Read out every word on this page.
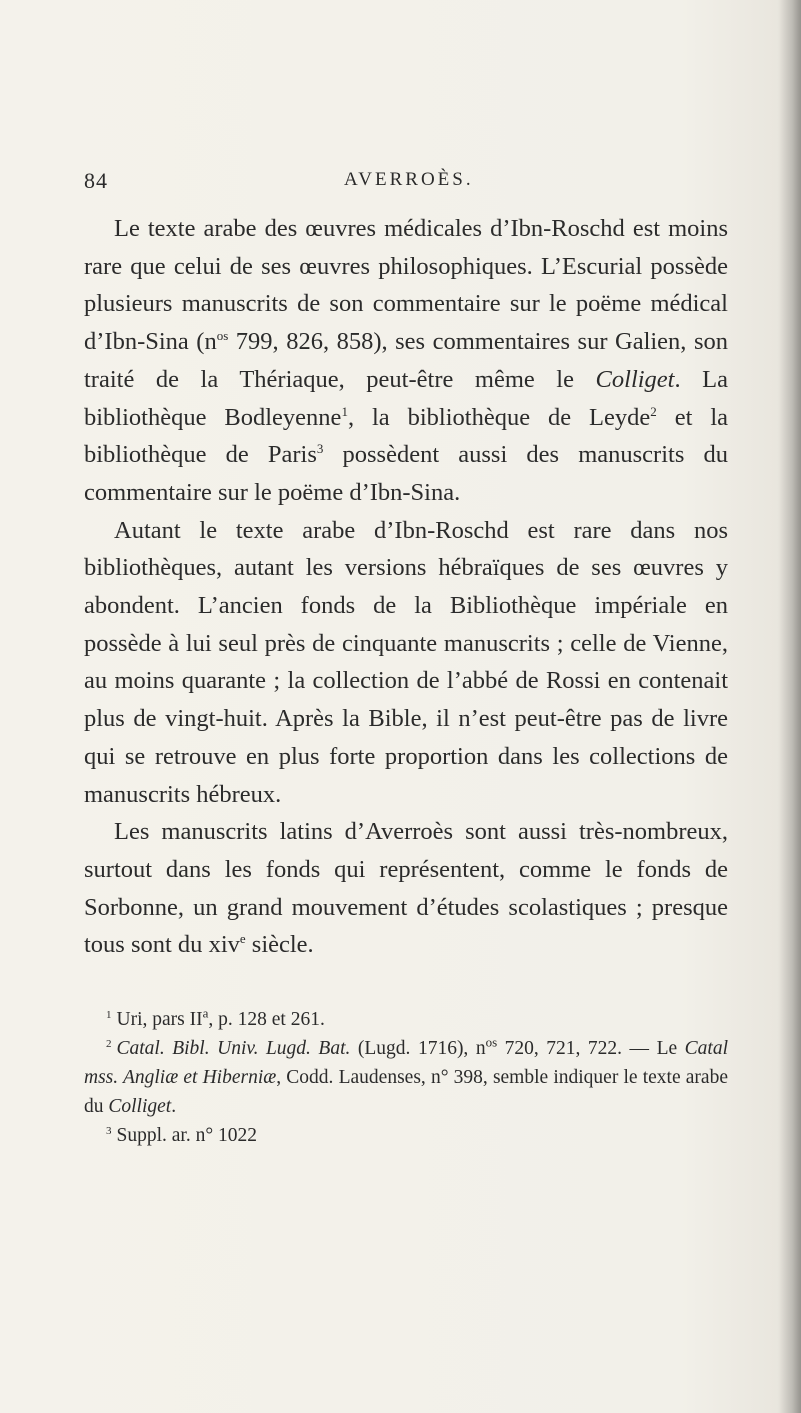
84	AVERROÈS.

Le texte arabe des œuvres médicales d’Ibn-Roschd est moins rare que celui de ses œuvres philosophiques. L’Escurial possède plusieurs manuscrits de son commentaire sur le poëme médical d’Ibn-Sina ($n^{os}$ 799, 826, 858), ses commentaires sur Galien, son traité de la Thériaque, peut-être même le Colliget. La bibliothèque Bodleyenne$^1$, la bibliothèque de Leyde$^2$ et la bibliothèque de Paris$^3$ possèdent aussi des manuscrits du commentaire sur le poëme d’Ibn-Sina.

Autant le texte arabe d’Ibn-Roschd est rare dans nos bibliothèques, autant les versions hébraïques de ses œuvres y abondent. L’ancien fonds de la Bibliothèque impériale en possède à lui seul près de cinquante manuscrits ; celle de Vienne, au moins quarante ; la collection de l’abbé de Rossi en contenait plus de vingt-huit. Après la Bible, il n’est peut-être pas de livre qui se retrouve en plus forte proportion dans les collections de manuscrits hébreux.

Les manuscrits latins d’Averroès sont aussi très-nombreux, surtout dans les fonds qui représentent, comme le fonds de Sorbonne, un grand mouvement d’études scolastiques ; presque tous sont du xiv$^e$ siècle.

$^1$ Uri, pars $II^a$, p. 128 et 261.

$^2$ Catal. Bibl. Univ. Lugd. Bat. (Lugd. 1716), $n^{os}$ 720, 721, 722. — Le Catal mss. Angliæ et Hiberniæ, Codd. Laudenses, n° 398, semble indiquer le texte arabe du Colliget.

$^3$ Suppl. ar. n° 1022
